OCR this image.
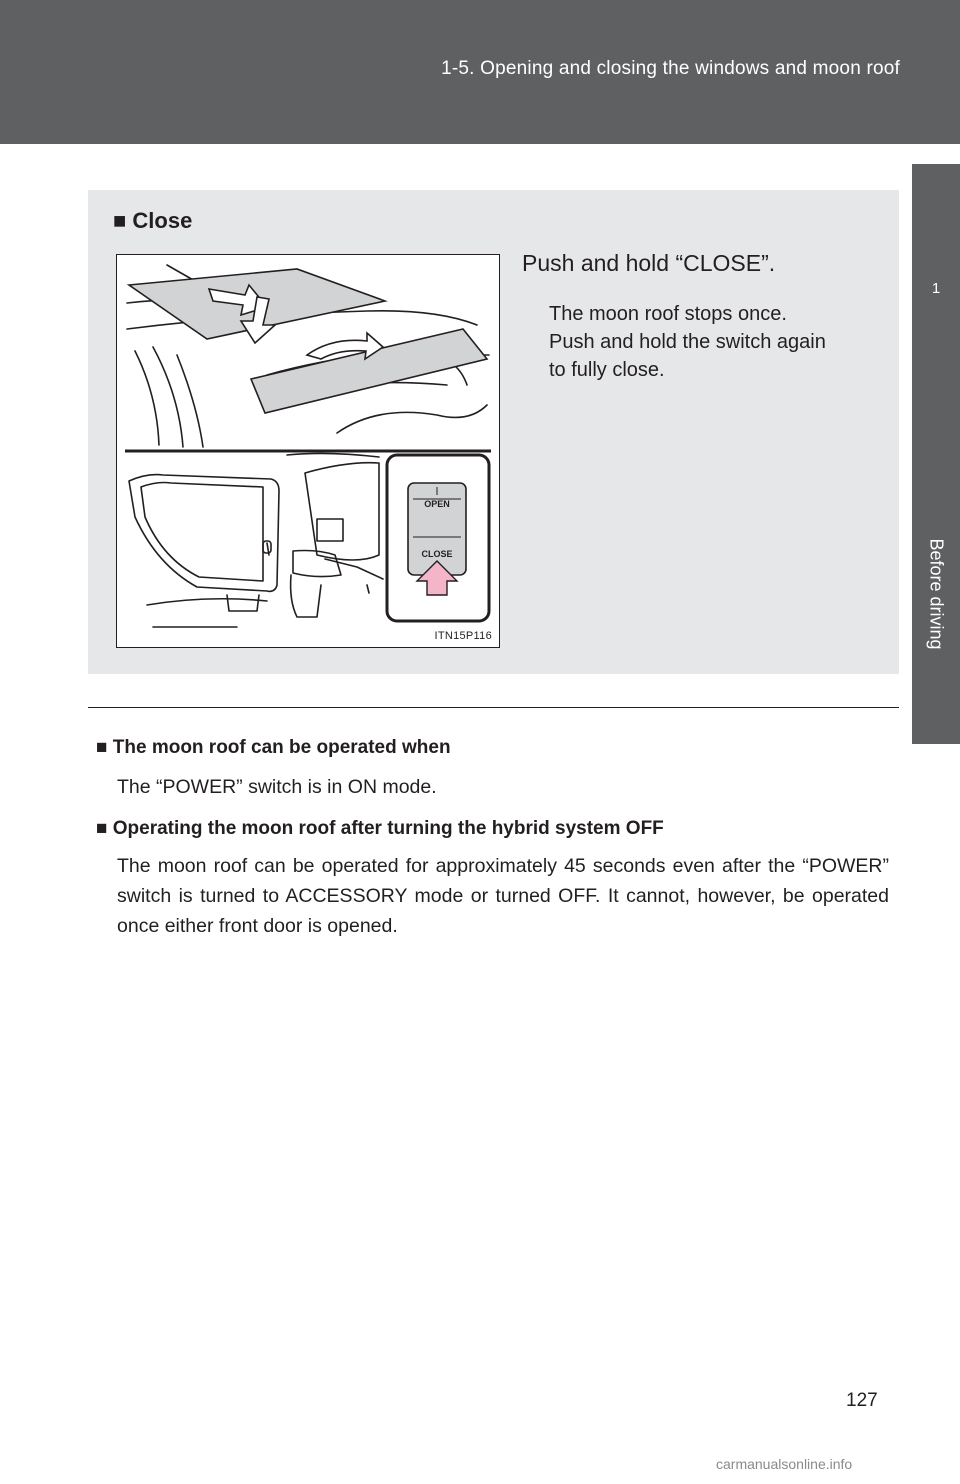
1-5. Opening and closing the windows and moon roof
1
Before driving
■ Close
OPEN
CLOSE
ITN15P116
Push and hold “CLOSE”.
The moon roof stops once.
Push and hold the switch again
to fully close.
■ The moon roof can be operated when
The “POWER” switch is in ON mode.
■ Operating the moon roof after turning the hybrid system OFF
The moon roof can be operated for approximately 45 seconds even after the “POWER” switch is turned to ACCESSORY mode or turned OFF. It cannot, however, be operated once either front door is opened.
127
carmanualsonline.info
